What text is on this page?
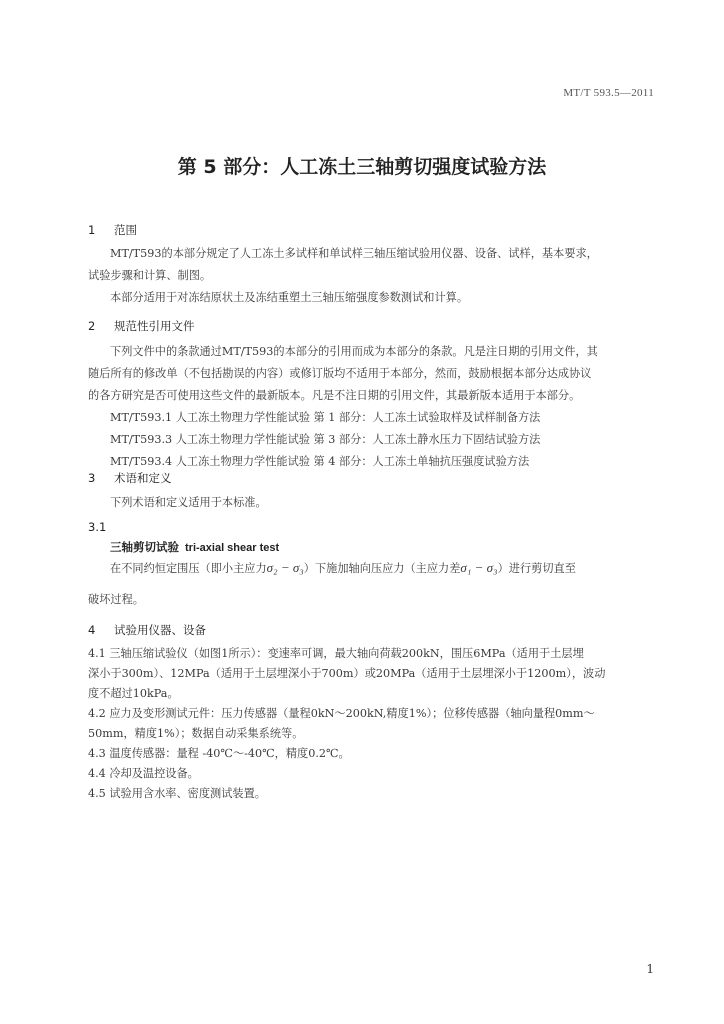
MT/T 593.5—2011
第 5 部分：人工冻土三轴剪切强度试验方法
1 范围
MT/T593的本部分规定了人工冻土多试样和单试样三轴压缩试验用仪器、设备、试样，基本要求，
试验步骤和计算、制图。
本部分适用于对冻结原状土及冻结重塑土三轴压缩强度参数测试和计算。
2 规范性引用文件
下列文件中的条款通过MT/T593的本部分的引用而成为本部分的条款。凡是注日期的引用文件，其
随后所有的修改单（不包括勘误的内容）或修订版均不适用于本部分，然而，鼓励根据本部分达成协议
的各方研究是否可使用这些文件的最新版本。凡是不注日期的引用文件，其最新版本适用于本部分。
MT/T593.1 人工冻土物理力学性能试验 第 1 部分：人工冻土试验取样及试样制备方法
MT/T593.3 人工冻土物理力学性能试验 第 3 部分：人工冻土静水压力下固结试验方法
MT/T593.4 人工冻土物理力学性能试验 第 4 部分：人工冻土单轴抗压强度试验方法
3 术语和定义
下列术语和定义适用于本标准。
3.1
三轴剪切试验 tri-axial shear test
在不同约恒定围压（即小主应力σ₂ − σ₃）下施加轴向压应力（主应力差σ₁ − σ₃）进行剪切直至
破坏过程。
4 试验用仪器、设备
4.1 三轴压缩试验仪（如图1所示）：变速率可调，最大轴向荷载200kN，围压6MPa（适用于土层埋
深小于300m）、12MPa（适用于土层埋深小于700m）或20MPa（适用于土层埋深小于1200m），波动
度不超过10kPa。
4.2 应力及变形测试元件：压力传感器（量程0kN～200kN,精度1%）；位移传感器（轴向量程0mm～
50mm，精度1%）；数据自动采集系统等。
4.3 温度传感器：量程 -40℃～-40℃，精度0.2℃。
4.4 冷却及温控设备。
4.5 试验用含水率、密度测试装置。
1
